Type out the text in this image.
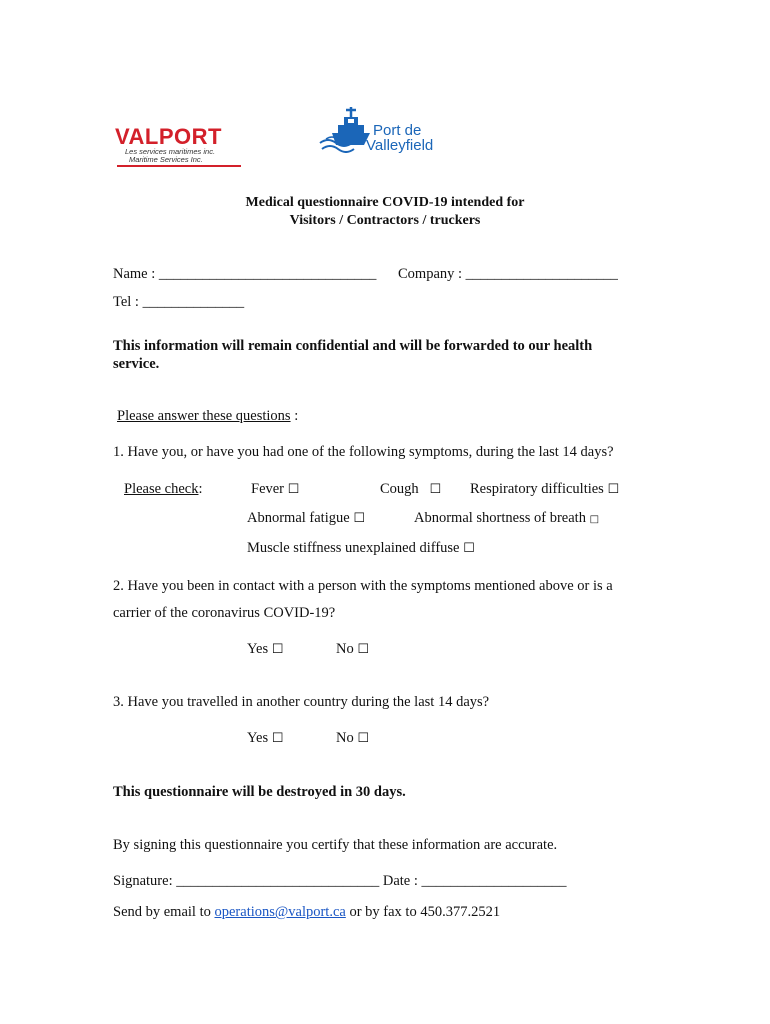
VALPORT
Les services maritimes inc.
Maritime Services Inc.
Port de
Valleyfield
Medical questionnaire COVID-19 intended for
Visitors / Contractors / truckers
Name : ______________________________ Company : _____________________
Tel : ______________
This information will remain confidential and will be forwarded to our health
service.
Please answer these questions :
1. Have you, or have you had one of the following symptoms, during the last 14 days?
Please check:	Fever ☐	Cough ☐ Respiratory difficulties ☐
Abnormal fatigue ☐	Abnormal shortness of breath □
Muscle stiffness unexplained diffuse ☐
2. Have you been in contact with a person with the symptoms mentioned above or is a
carrier of the coronavirus COVID-19?
Yes ☐	No ☐
3. Have you travelled in another country during the last 14 days?
Yes ☐	No ☐
This questionnaire will be destroyed in 30 days.
By signing this questionnaire you certify that these information are accurate.
Signature: ____________________________ Date : ____________________
Send by email to operations@valport.ca or by fax to 450.377.2521
